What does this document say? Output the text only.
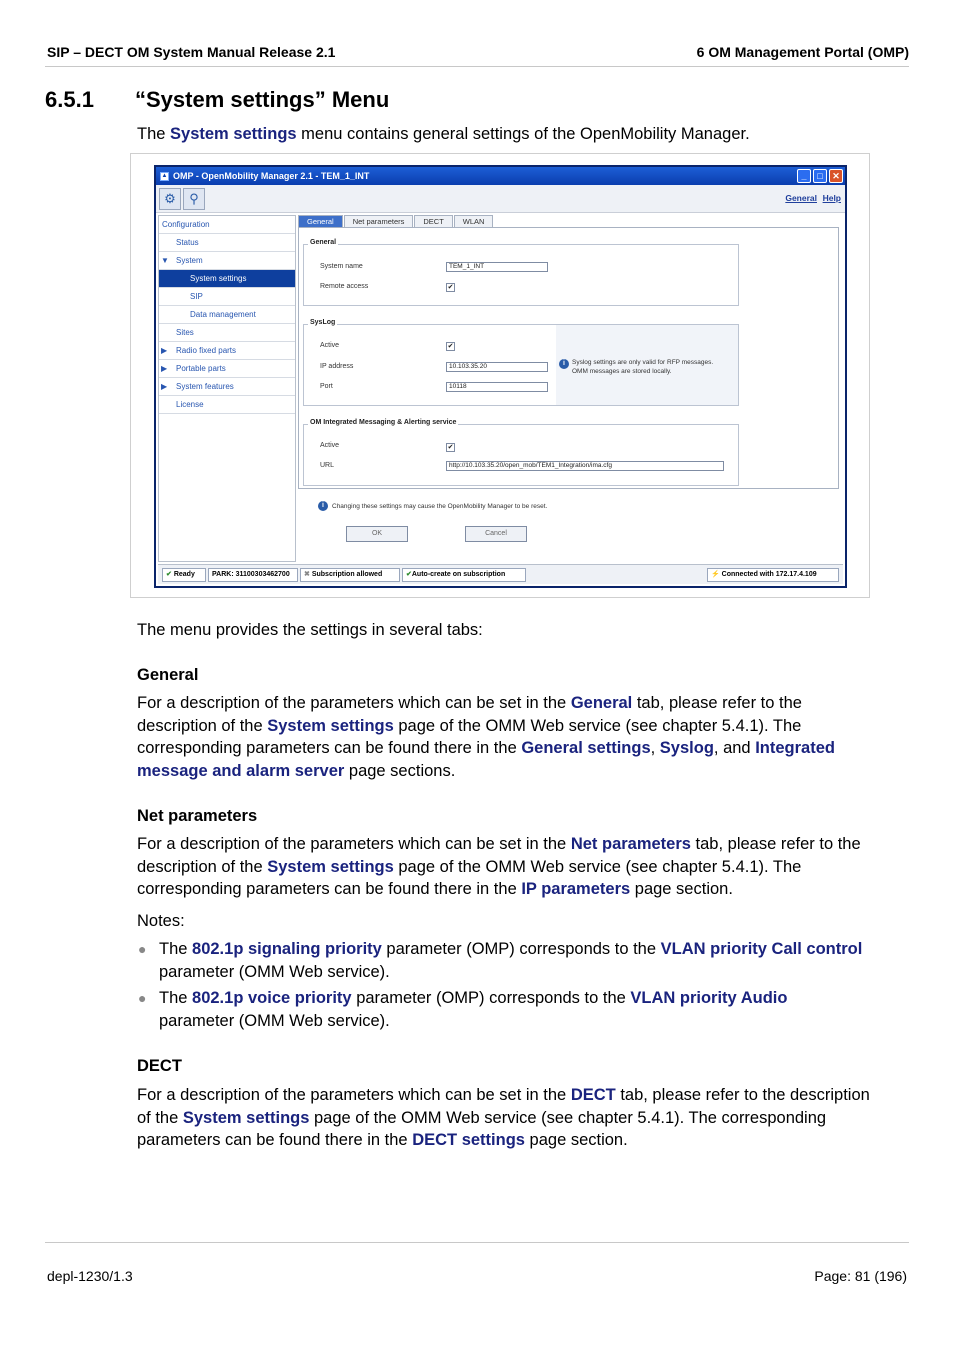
SIP – DECT OM System Manual Release 2.1	6 OM Management Portal (OMP)
6.5.1 “System settings” Menu
The System settings menu contains general settings of the OpenMobility Manager.
▲ OMP - OpenMobility Manager 2.1 - TEM_1_INT	_	□	✕
⚙	⚲	General Help
Configuration
Status
▼ System
System settings
SIP
Data management
Sites
▶ Radio fixed parts
▶ Portable parts
▶ System features
License
General	Net parameters	DECT	WLAN
General
System name	TEM_1_INT
Remote access	✔
SysLog
Active	✔
IP address	10.103.35.20
Port	10118
i	Syslog settings are only valid for RFP messages.
OMM messages are stored locally.
OM Integrated Messaging & Alerting service
Active	✔
URL	http://10.103.35.20/open_mob/TEM1_Integration/ima.cfg
i	Changing these settings may cause the OpenMobility Manager to be reset.
OK	Cancel
✔ Ready	PARK: 31100303462700	✖ Subscription allowed	✔Auto-create on subscription	⚡ Connected with 172.17.4.109
The menu provides the settings in several tabs:
General
For a description of the parameters which can be set in the General tab, please refer to the description of the System settings page of the OMM Web service (see chapter 5.4.1). The corresponding parameters can be found there in the General settings, Syslog, and Integrated message and alarm server page sections.
Net parameters
For a description of the parameters which can be set in the Net parameters tab, please refer to the description of the System settings page of the OMM Web service (see chapter 5.4.1). The corresponding parameters can be found there in the IP parameters page section.
Notes:
● The 802.1p signaling priority parameter (OMP) corresponds to the VLAN priority Call control parameter (OMM Web service).
● The 802.1p voice priority parameter (OMP) corresponds to the VLAN priority Audio parameter (OMM Web service).
DECT
For a description of the parameters which can be set in the DECT tab, please refer to the description of the System settings page of the OMM Web service (see chapter 5.4.1). The corresponding parameters can be found there in the DECT settings page section.
depl-1230/1.3	Page: 81 (196)
